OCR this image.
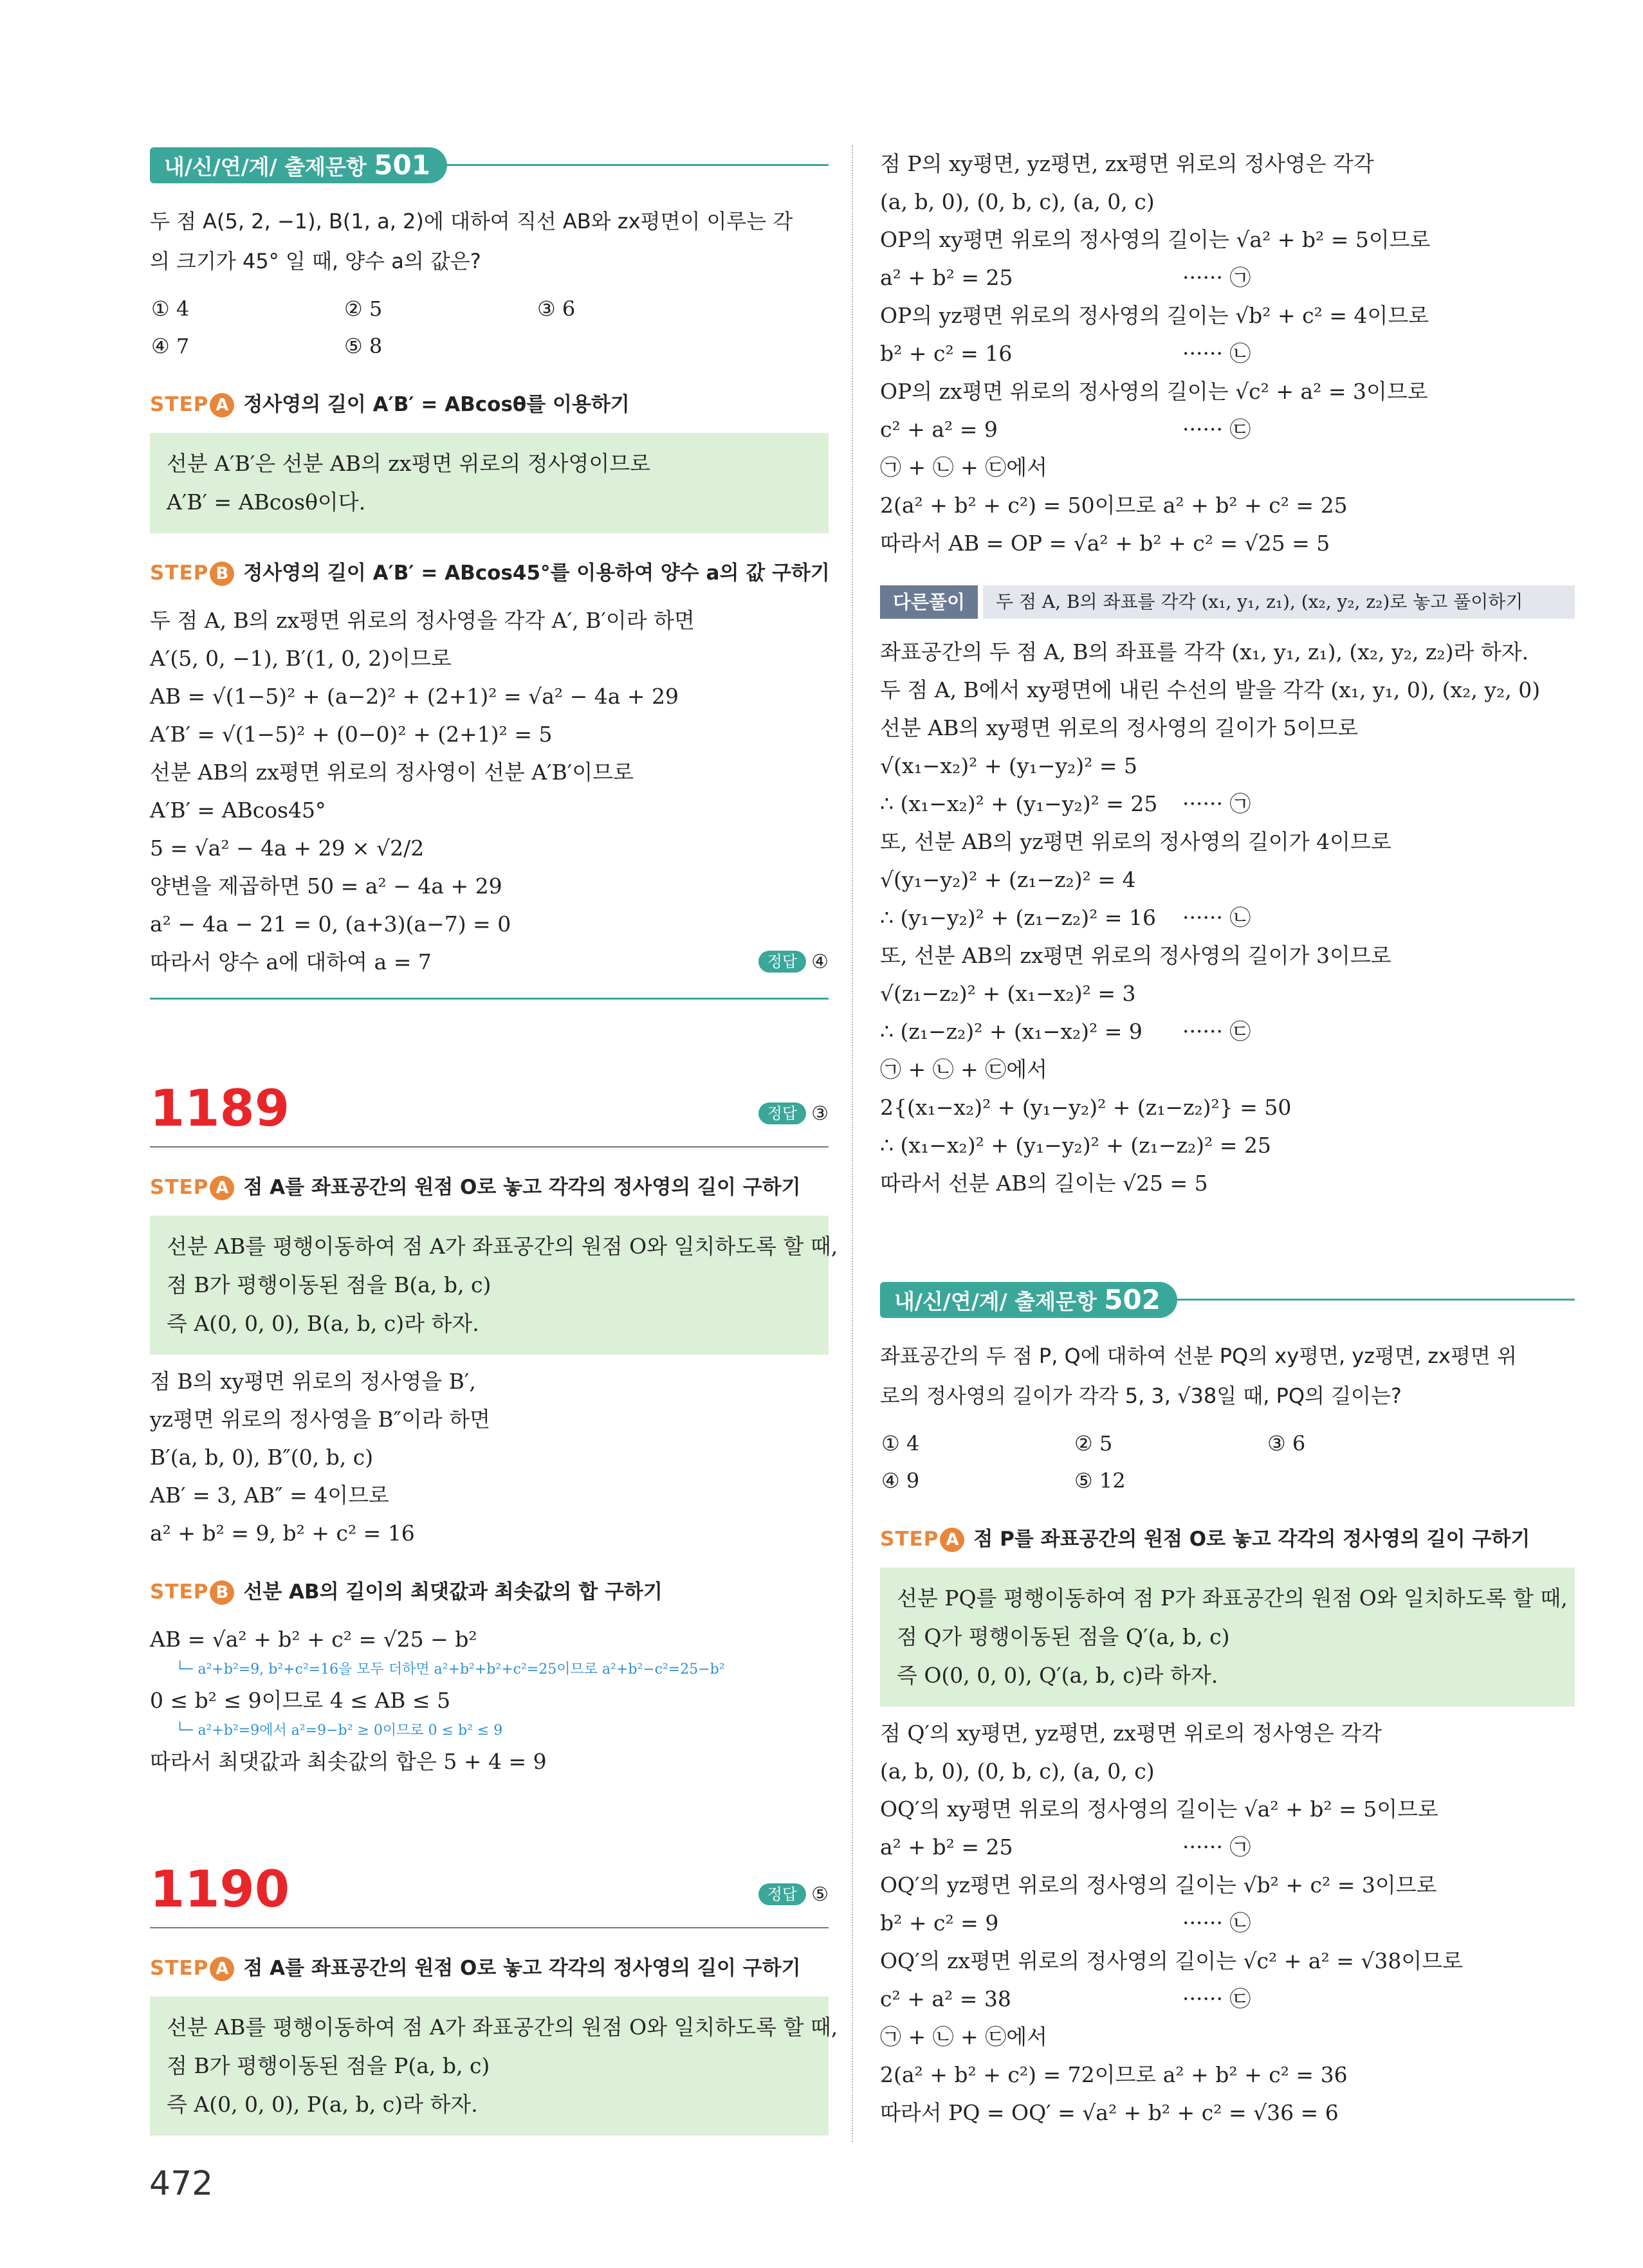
내/신/연/계/ 출제문항 501

두 점 A(5, 2, −1), B(1, a, 2)에 대하여 직선 AB와 zx평면이 이루는 각

의 크기가 45° 일 때, 양수 a의 값은?

① 4	② 5	③ 6
④ 7	⑤ 8
STEP A 정사영의 길이 A′B′ = ABcosθ를 이용하기

선분 A′B′은 선분 AB의 zx평면 위로의 정사영이므로

A′B′ = ABcosθ이다.

STEP B 정사영의 길이 A′B′ = ABcos45°를 이용하여 양수 a의 값 구하기

두 점 A, B의 zx평면 위로의 정사영을 각각 A′, B′이라 하면

A′(5, 0, −1), B′(1, 0, 2)이므로

AB = √(1−5)² + (a−2)² + (2+1)² = √a² − 4a + 29

A′B′ = √(1−5)² + (0−0)² + (2+1)² = 5

선분 AB의 zx평면 위로의 정사영이 선분 A′B′이므로

A′B′ = ABcos45°

5 = √a² − 4a + 29 × √2/2

양변을 제곱하면 50 = a² − 4a + 29

a² − 4a − 21 = 0, (a+3)(a−7) = 0

따라서 양수 a에 대하여 a = 7	정답 ④

1189	정답 ③
STEP A 점 A를 좌표공간의 원점 O로 놓고 각각의 정사영의 길이 구하기

선분 AB를 평행이동하여 점 A가 좌표공간의 원점 O와 일치하도록 할 때,

점 B가 평행이동된 점을 B(a, b, c)

즉 A(0, 0, 0), B(a, b, c)라 하자.

점 B의 xy평면 위로의 정사영을 B′,

yz평면 위로의 정사영을 B″이라 하면

B′(a, b, 0), B″(0, b, c)

AB′ = 3, AB″ = 4이므로

a² + b² = 9, b² + c² = 16

STEP B 선분 AB의 길이의 최댓값과 최솟값의 합 구하기

AB = √a² + b² + c² = √25 − b²

└─ a²+b²=9, b²+c²=16을 모두 더하면 a²+b²+b²+c²=25이므로 a²+b²−c²=25−b²

0 ≤ b² ≤ 9이므로 4 ≤ AB ≤ 5

└─ a²+b²=9에서 a²=9−b² ≥ 0이므로 0 ≤ b² ≤ 9

따라서 최댓값과 최솟값의 합은 5 + 4 = 9

1190	정답 ⑤
STEP A 점 A를 좌표공간의 원점 O로 놓고 각각의 정사영의 길이 구하기

선분 AB를 평행이동하여 점 A가 좌표공간의 원점 O와 일치하도록 할 때,

점 B가 평행이동된 점을 P(a, b, c)

즉 A(0, 0, 0), P(a, b, c)라 하자.

점 P의 xy평면, yz평면, zx평면 위로의 정사영은 각각

(a, b, 0), (0, b, c), (a, 0, c)

OP의 xy평면 위로의 정사영의 길이는 √a² + b² = 5이므로

a² + b² = 25	······ ㉠

OP의 yz평면 위로의 정사영의 길이는 √b² + c² = 4이므로

b² + c² = 16	······ ㉡

OP의 zx평면 위로의 정사영의 길이는 √c² + a² = 3이므로

c² + a² = 9	······ ㉢

㉠ + ㉡ + ㉢에서

2(a² + b² + c²) = 50이므로 a² + b² + c² = 25

따라서 AB = OP = √a² + b² + c² = √25 = 5

다른풀이	두 점 A, B의 좌표를 각각 (x₁, y₁, z₁), (x₂, y₂, z₂)로 놓고 풀이하기

좌표공간의 두 점 A, B의 좌표를 각각 (x₁, y₁, z₁), (x₂, y₂, z₂)라 하자.

두 점 A, B에서 xy평면에 내린 수선의 발을 각각 (x₁, y₁, 0), (x₂, y₂, 0)

선분 AB의 xy평면 위로의 정사영의 길이가 5이므로

√(x₁−x₂)² + (y₁−y₂)² = 5

∴ (x₁−x₂)² + (y₁−y₂)² = 25 ······ ㉠

또, 선분 AB의 yz평면 위로의 정사영의 길이가 4이므로

√(y₁−y₂)² + (z₁−z₂)² = 4

∴ (y₁−y₂)² + (z₁−z₂)² = 16 ······ ㉡

또, 선분 AB의 zx평면 위로의 정사영의 길이가 3이므로

√(z₁−z₂)² + (x₁−x₂)² = 3

∴ (z₁−z₂)² + (x₁−x₂)² = 9 ······ ㉢

㉠ + ㉡ + ㉢에서

2{(x₁−x₂)² + (y₁−y₂)² + (z₁−z₂)²} = 50

∴ (x₁−x₂)² + (y₁−y₂)² + (z₁−z₂)² = 25

따라서 선분 AB의 길이는 √25 = 5

내/신/연/계/ 출제문항 502

좌표공간의 두 점 P, Q에 대하여 선분 PQ의 xy평면, yz평면, zx평면 위

로의 정사영의 길이가 각각 5, 3, √38일 때, PQ의 길이는?

① 4	② 5	③ 6
④ 9	⑤ 12
STEP A 점 P를 좌표공간의 원점 O로 놓고 각각의 정사영의 길이 구하기

선분 PQ를 평행이동하여 점 P가 좌표공간의 원점 O와 일치하도록 할 때,

점 Q가 평행이동된 점을 Q′(a, b, c)

즉 O(0, 0, 0), Q′(a, b, c)라 하자.

점 Q′의 xy평면, yz평면, zx평면 위로의 정사영은 각각

(a, b, 0), (0, b, c), (a, 0, c)

OQ′의 xy평면 위로의 정사영의 길이는 √a² + b² = 5이므로

a² + b² = 25	······ ㉠

OQ′의 yz평면 위로의 정사영의 길이는 √b² + c² = 3이므로

b² + c² = 9	······ ㉡

OQ′의 zx평면 위로의 정사영의 길이는 √c² + a² = √38이므로

c² + a² = 38	······ ㉢

㉠ + ㉡ + ㉢에서

2(a² + b² + c²) = 72이므로 a² + b² + c² = 36

따라서 PQ = OQ′ = √a² + b² + c² = √36 = 6

472
